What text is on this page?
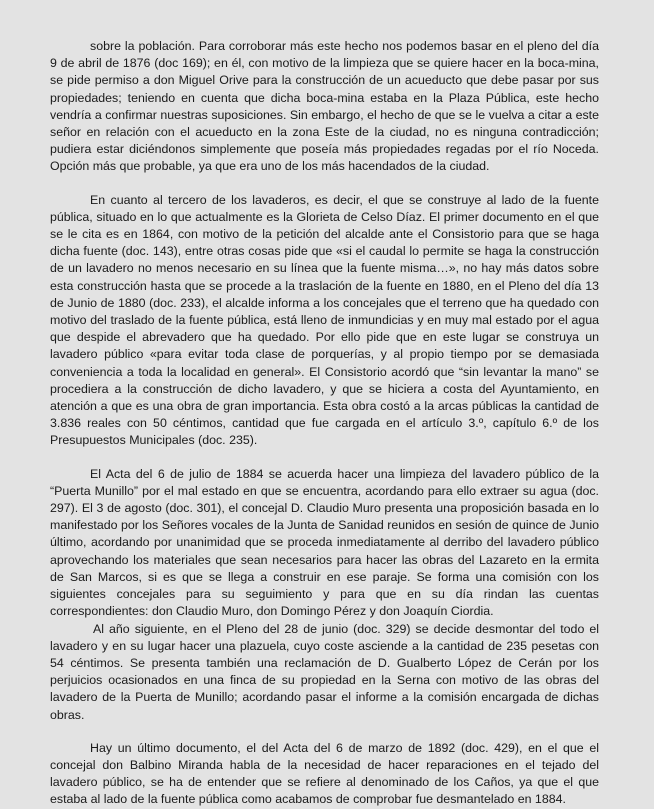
sobre la población. Para corroborar más este hecho nos podemos basar en el pleno del día 9 de abril de 1876 (doc 169); en él, con motivo de la limpieza que se quiere hacer en la boca-mina, se pide permiso a don Miguel Orive para la construcción de un acueducto que debe pasar por sus propiedades; teniendo en cuenta que dicha boca-mina estaba en la Plaza Pública, este hecho vendría a confirmar nuestras suposiciones. Sin embargo, el hecho de que se le vuelva a citar a este señor en relación con el acueducto en la zona Este de la ciudad, no es ninguna contradicción; pudiera estar diciéndonos simplemente que poseía más propiedades regadas por el río Noceda. Opción más que probable, ya que era uno de los más hacendados de la ciudad.

En cuanto al tercero de los lavaderos, es decir, el que se construye al lado de la fuente pública, situado en lo que actualmente es la Glorieta de Celso Díaz. El primer documento en el que se le cita es en 1864, con motivo de la petición del alcalde ante el Consistorio para que se haga dicha fuente (doc. 143), entre otras cosas pide que «si el caudal lo permite se haga la construcción de un lavadero no menos necesario en su línea que la fuente misma…», no hay más datos sobre esta construcción hasta que se procede a la traslación de la fuente en 1880, en el Pleno del día 13 de Junio de 1880 (doc. 233), el alcalde informa a los concejales que el terreno que ha quedado con motivo del traslado de la fuente pública, está lleno de inmundicias y en muy mal estado por el agua que despide el abrevadero que ha quedado. Por ello pide que en este lugar se construya un lavadero público «para evitar toda clase de porquerías, y al propio tiempo por se demasiada conveniencia a toda la localidad en general». El Consistorio acordó que “sin levantar la mano” se procediera a la construcción de dicho lavadero, y que se hiciera a costa del Ayuntamiento, en atención a que es una obra de gran importancia. Esta obra costó a la arcas públicas la cantidad de 3.836 reales con 50 céntimos, cantidad que fue cargada en el artículo 3.º, capítulo 6.º de los Presupuestos Municipales (doc. 235).

El Acta del 6 de julio de 1884 se acuerda hacer una limpieza del lavadero público de la “Puerta Munillo” por el mal estado en que se encuentra, acordando para ello extraer su agua (doc. 297). El 3 de agosto (doc. 301), el concejal D. Claudio Muro presenta una proposición basada en lo manifestado por los Señores vocales de la Junta de Sanidad reunidos en sesión de quince de Junio último, acordando por unanimidad que se proceda inmediatamente al derribo del lavadero público aprovechando los materiales que sean necesarios para hacer las obras del Lazareto en la ermita de San Marcos, si es que se llega a construir en ese paraje. Se forma una comisión con los siguientes concejales para su seguimiento y para que en su día rindan las cuentas correspondientes: don Claudio Muro, don Domingo Pérez y don Joaquín Ciordia.

Al año siguiente, en el Pleno del 28 de junio (doc. 329) se decide desmontar del todo el lavadero y en su lugar hacer una plazuela, cuyo coste asciende a la cantidad de 235 pesetas con 54 céntimos. Se presenta también una reclamación de D. Gualberto López de Cerán por los perjuicios ocasionados en una finca de su propiedad en la Serna con motivo de las obras del lavadero de la Puerta de Munillo; acordando pasar el informe a la comisión encargada de dichas obras.

Hay un último documento, el del Acta del 6 de marzo de 1892 (doc. 429), en el que el concejal don Balbino Miranda habla de la necesidad de hacer reparaciones en el tejado del lavadero público, se ha de entender que se refiere al denominado de los Caños, ya que el que estaba al lado de la fuente pública como acabamos de comprobar fue desmantelado en 1884.
